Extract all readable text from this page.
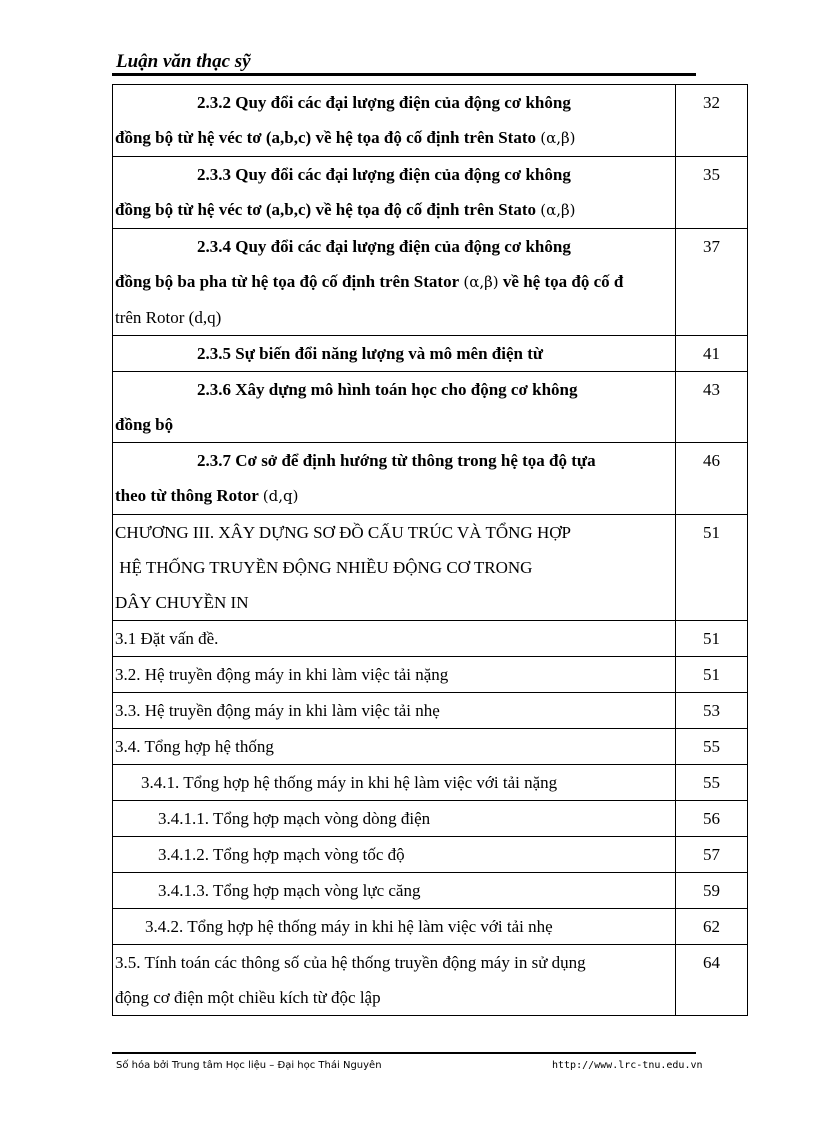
Luận văn thạc sỹ
2.3.2 Quy đổi các đại lượng điện của động cơ không
đồng bộ từ hệ véc tơ (a,b,c) về hệ tọa độ cố định trên Stato (α,β)	32
2.3.3 Quy đổi các đại lượng điện của động cơ không
đồng bộ từ hệ véc tơ (a,b,c) về hệ tọa độ cố định trên Stato (α,β)	35
2.3.4 Quy đổi các đại lượng điện của động cơ không
đồng bộ ba pha từ hệ tọa độ cố định trên Stator (α,β) về hệ tọa độ cố đ
trên Rotor (d,q)	37
2.3.5 Sự biến đổi năng lượng và mô mên điện từ	41
2.3.6 Xây dựng mô hình toán học cho động cơ không
đồng bộ	43
2.3.7 Cơ sở để định hướng từ thông trong hệ tọa độ tựa
theo từ thông Rotor (d,q)	46
CHƯƠNG III. XÂY DỰNG SƠ ĐỒ CẤU TRÚC VÀ TỔNG HỢP
HỆ THỐNG TRUYỀN ĐỘNG NHIỀU ĐỘNG CƠ TRONG
DÂY CHUYỀN IN	51
3.1 Đặt vấn đề.	51
3.2. Hệ truyền động máy in khi làm việc tải nặng	51
3.3. Hệ truyền động máy in khi làm việc tải nhẹ	53
3.4. Tổng hợp hệ thống	55
3.4.1. Tổng hợp hệ thống máy in khi hệ làm việc với tải nặng	55
3.4.1.1. Tổng hợp mạch vòng dòng điện	56
3.4.1.2. Tổng hợp mạch vòng tốc độ	57
3.4.1.3. Tổng hợp mạch vòng lực căng	59
3.4.2. Tổng hợp hệ thống máy in khi hệ làm việc với tải nhẹ	62
3.5. Tính toán các thông số của hệ thống truyền động máy in sử dụng
động cơ điện một chiều kích từ độc lập	64
Số hóa bởi Trung tâm Học liệu – Đại học Thái Nguyên	http://www.lrc-tnu.edu.vn
